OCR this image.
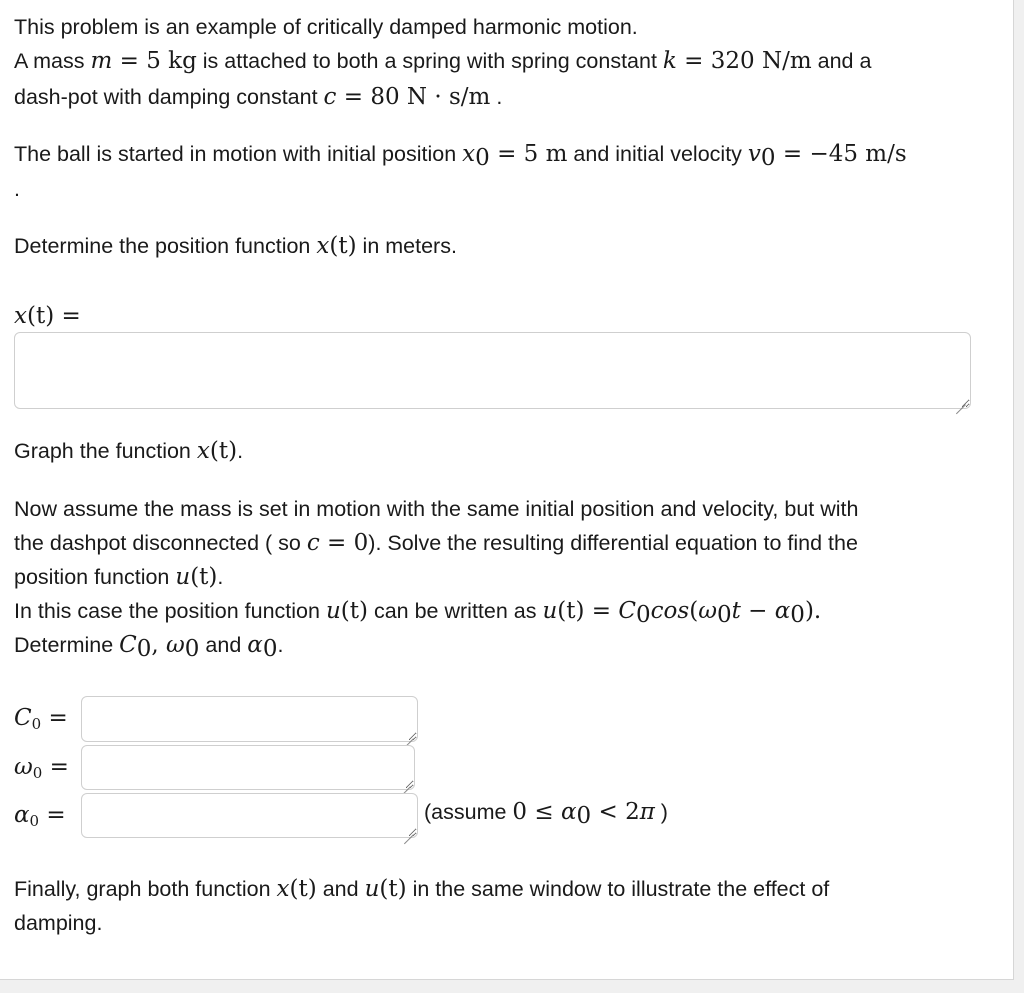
This problem is an example of critically damped harmonic motion.
A mass m = 5 kg is attached to both a spring with spring constant k = 320 N/m and a
dash-pot with damping constant c = 80 N · s/m .
The ball is started in motion with initial position $x_0 = 5$ m and initial velocity $v_0 = -45$ m/s
.
Determine the position function x(t) in meters.
x(t) =
Graph the function x(t).
Now assume the mass is set in motion with the same initial position and velocity, but with
the dashpot disconnected ( so c = 0). Solve the resulting differential equation to find the
position function u(t).
In this case the position function u(t) can be written as $u(t) = C_0\cos(\omega_0t - \alpha_0)$.
Determine $C_0$, $\omega_0$ and $\alpha_0$.
$C_0$ =
$\omega_0$ =
$\alpha_0$ =	(assume $0 \le \alpha_0 < 2\pi$ )
Finally, graph both function x(t) and u(t) in the same window to illustrate the effect of
damping.
